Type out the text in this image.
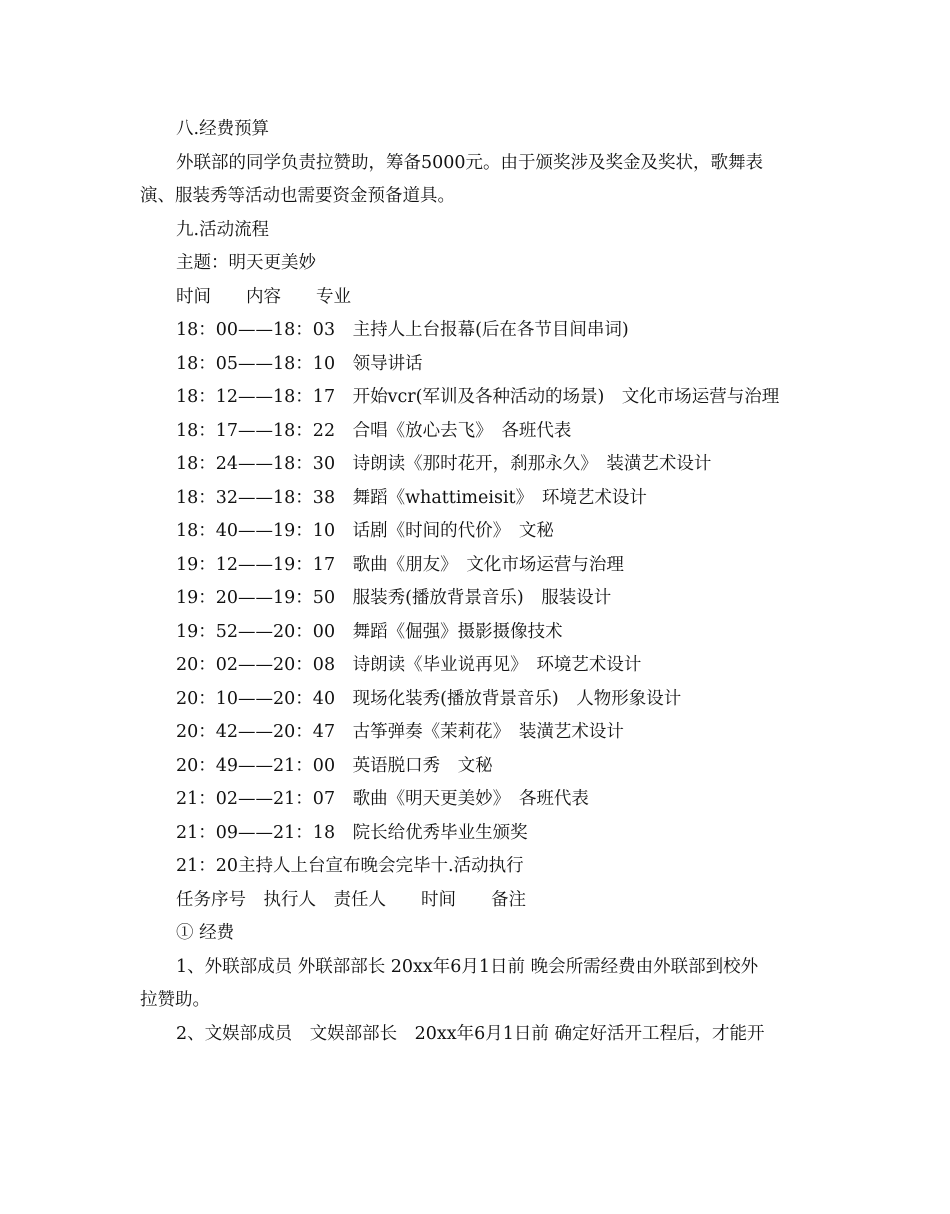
八.经费预算
外联部的同学负责拉赞助，筹备5000元。由于颁奖涉及奖金及奖状，歌舞表
演、服装秀等活动也需要资金预备道具。
九.活动流程
主题：明天更美妙
时间　　内容　　专业
18：00——18：03　主持人上台报幕(后在各节目间串词)
18：05——18：10　领导讲话
18：12——18：17　开始vcr(军训及各种活动的场景)　文化市场运营与治理
18：17——18：22　合唱《放心去飞》　各班代表
18：24——18：30　诗朗读《那时花开，刹那永久》　装潢艺术设计
18：32——18：38　舞蹈《whattimeisit》　环境艺术设计
18：40——19：10　话剧《时间的代价》　文秘
19：12——19：17　歌曲《朋友》　文化市场运营与治理
19：20——19：50　服装秀(播放背景音乐)　服装设计
19：52——20：00　舞蹈《倔强》摄影摄像技术
20：02——20：08　诗朗读《毕业说再见》　环境艺术设计
20：10——20：40　现场化装秀(播放背景音乐)　人物形象设计
20：42——20：47　古筝弹奏《茉莉花》　装潢艺术设计
20：49——21：00　英语脱口秀　文秘
21：02——21：07　歌曲《明天更美妙》　各班代表
21：09——21：18　院长给优秀毕业生颁奖
21：20主持人上台宣布晚会完毕十.活动执行
任务序号　执行人　责任人　　时间　　备注
① 经费
1、外联部成员 外联部部长 20xx年6月1日前 晚会所需经费由外联部到校外
拉赞助。
2、文娱部成员　文娱部部长　20xx年6月1日前 确定好活开工程后，才能开
